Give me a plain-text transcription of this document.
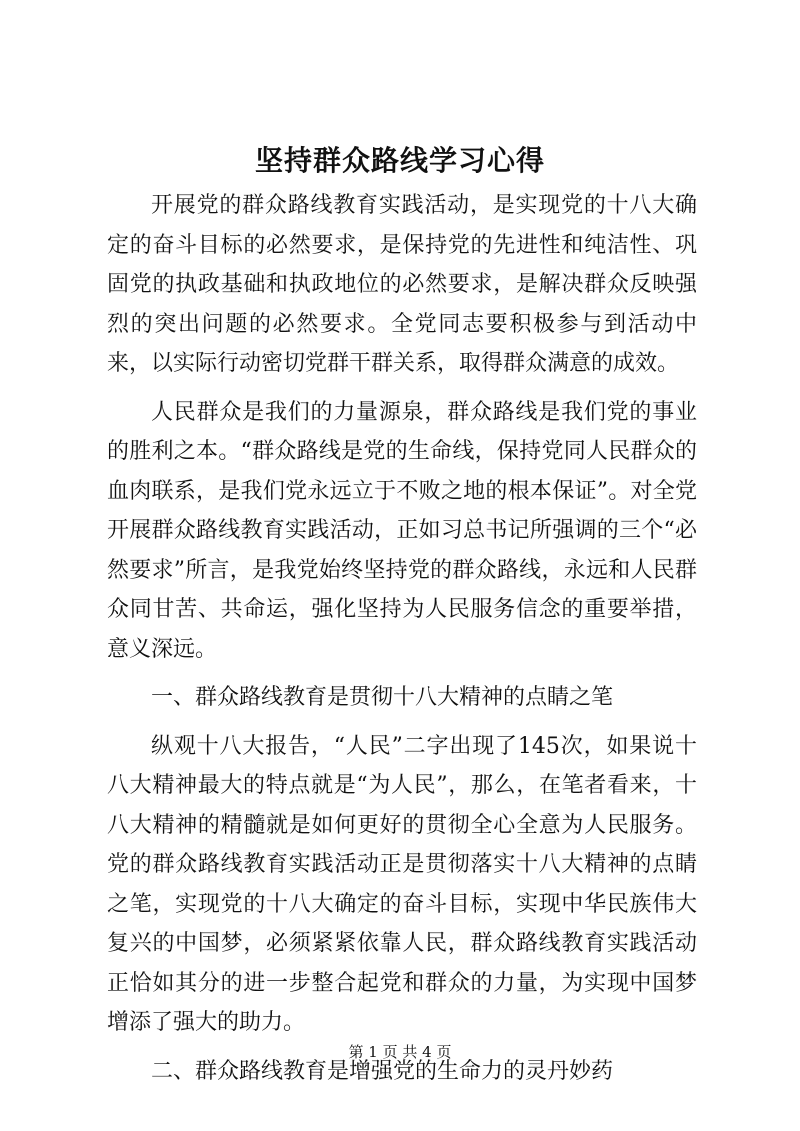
坚持群众路线学习心得

开展党的群众路线教育实践活动，是实现党的十八大确定的奋斗目标的必然要求，是保持党的先进性和纯洁性、巩固党的执政基础和执政地位的必然要求，是解决群众反映强烈的突出问题的必然要求。全党同志要积极参与到活动中来，以实际行动密切党群干群关系，取得群众满意的成效。

人民群众是我们的力量源泉，群众路线是我们党的事业的胜利之本。“群众路线是党的生命线，保持党同人民群众的血肉联系，是我们党永远立于不败之地的根本保证”。对全党开展群众路线教育实践活动，正如习总书记所强调的三个“必然要求”所言，是我党始终坚持党的群众路线，永远和人民群众同甘苦、共命运，强化坚持为人民服务信念的重要举措，意义深远。

一、群众路线教育是贯彻十八大精神的点睛之笔

纵观十八大报告，“人民”二字出现了145次，如果说十八大精神最大的特点就是“为人民”，那么，在笔者看来，十八大精神的精髓就是如何更好的贯彻全心全意为人民服务。党的群众路线教育实践活动正是贯彻落实十八大精神的点睛之笔，实现党的十八大确定的奋斗目标，实现中华民族伟大复兴的中国梦，必须紧紧依靠人民，群众路线教育实践活动正恰如其分的进一步整合起党和群众的力量，为实现中国梦增添了强大的助力。

二、群众路线教育是增强党的生命力的灵丹妙药

第 1 页 共 4 页
